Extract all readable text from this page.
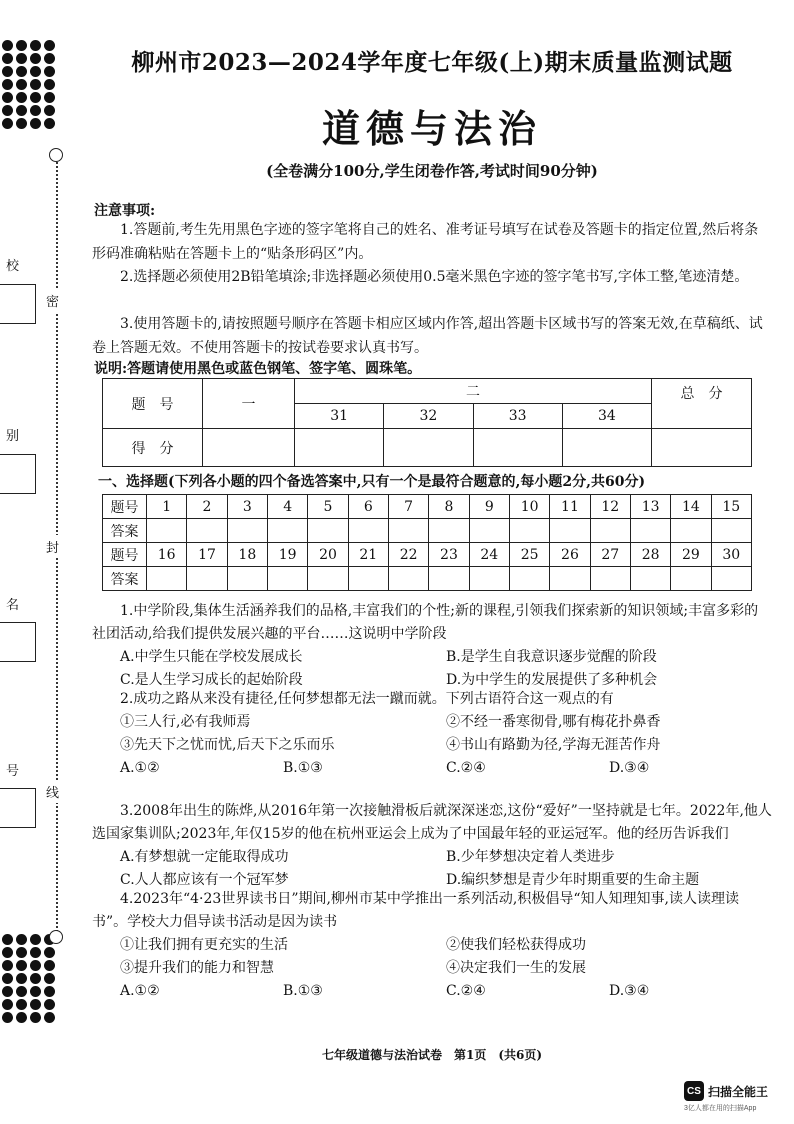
校
别
名
号
密
封
线
柳州市2023—2024学年度七年级(上)期末质量监测试题
道德与法治
(全卷满分100分,学生闭卷作答,考试时间90分钟)
注意事项:
1.答题前,考生先用黑色字迹的签字笔将自己的姓名、准考证号填写在试卷及答题卡的指定位置,然后将条形码准确粘贴在答题卡上的“贴条形码区”内。
2.选择题必须使用2B铅笔填涂;非选择题必须使用0.5毫米黑色字迹的签字笔书写,字体工整,笔迹清楚。
3.使用答题卡的,请按照题号顺序在答题卡相应区域内作答,超出答题卡区域书写的答案无效,在草稿纸、试卷上答题无效。不使用答题卡的按试卷要求认真书写。
说明:答题请使用黑色或蓝色钢笔、签字笔、圆珠笔。
题　号	一	二				总　分
		31	32	33	34	
得　分						
一、选择题(下列各小题的四个备选答案中,只有一个是最符合题意的,每小题2分,共60分)
题号	1	2	3	4	5	6	7	8	9	10	11	12	13	14	15
答案															
题号	16	17	18	19	20	21	22	23	24	25	26	27	28	29	30
答案															
1.中学阶段,集体生活涵养我们的品格,丰富我们的个性;新的课程,引领我们探索新的知识领域;丰富多彩的社团活动,给我们提供发展兴趣的平台……这说明中学阶段
A.中学生只能在学校发展成长	B.是学生自我意识逐步觉醒的阶段
C.是人生学习成长的起始阶段	D.为中学生的发展提供了多种机会
2.成功之路从来没有捷径,任何梦想都无法一蹴而就。下列古语符合这一观点的有
①三人行,必有我师焉	②不经一番寒彻骨,哪有梅花扑鼻香
③先天下之忧而忧,后天下之乐而乐	④书山有路勤为径,学海无涯苦作舟
A.①②	B.①③	C.②④	D.③④
3.2008年出生的陈烨,从2016年第一次接触滑板后就深深迷恋,这份“爱好”一坚持就是七年。2022年,他人选国家集训队;2023年,年仅15岁的他在杭州亚运会上成为了中国最年轻的亚运冠军。他的经历告诉我们
A.有梦想就一定能取得成功	B.少年梦想决定着人类进步
C.人人都应该有一个冠军梦	D.编织梦想是青少年时期重要的生命主题
4.2023年“4·23世界读书日”期间,柳州市某中学推出一系列活动,积极倡导“知人知理知事,读人读理读书”。学校大力倡导读书活动是因为读书
①让我们拥有更充实的生活	②使我们轻松获得成功
③提升我们的能力和智慧	④决定我们一生的发展
A.①②	B.①③	C.②④	D.③④
七年级道德与法治试卷　第1页　(共6页)
CS 扫描全能王
3亿人都在用的扫描App
